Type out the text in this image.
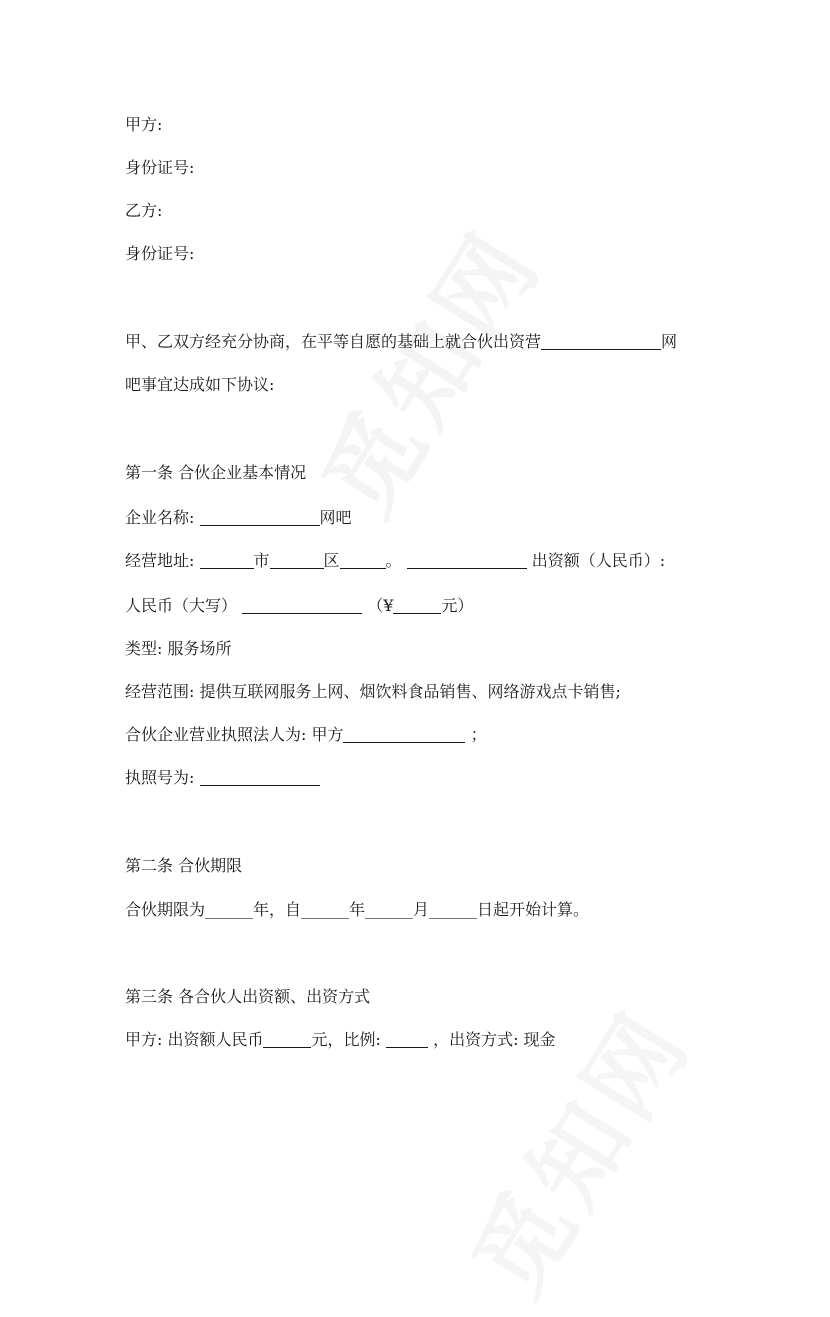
甲方:
身份证号:
乙方:
身份证号:
甲、乙双方经充分协商，在平等自愿的基础上就合伙出资营	网
吧事宜达成如下协议:
第一条 合伙企业基本情况
企业名称:	网吧
经营地址:	市	区	。	出资额（人民币）:
人民币（大写）	（¥	元）
类型: 服务场所
经营范围: 提供互联网服务上网、烟饮料食品销售、网络游戏点卡销售;
合伙企业营业执照法人为: 甲方	；
执照号为:
第二条 合伙期限
合伙期限为______年，自______年______月______日起开始计算。
第三条 各合伙人出资额、出资方式
甲方: 出资额人民币	元，比例:	，出资方式: 现金
